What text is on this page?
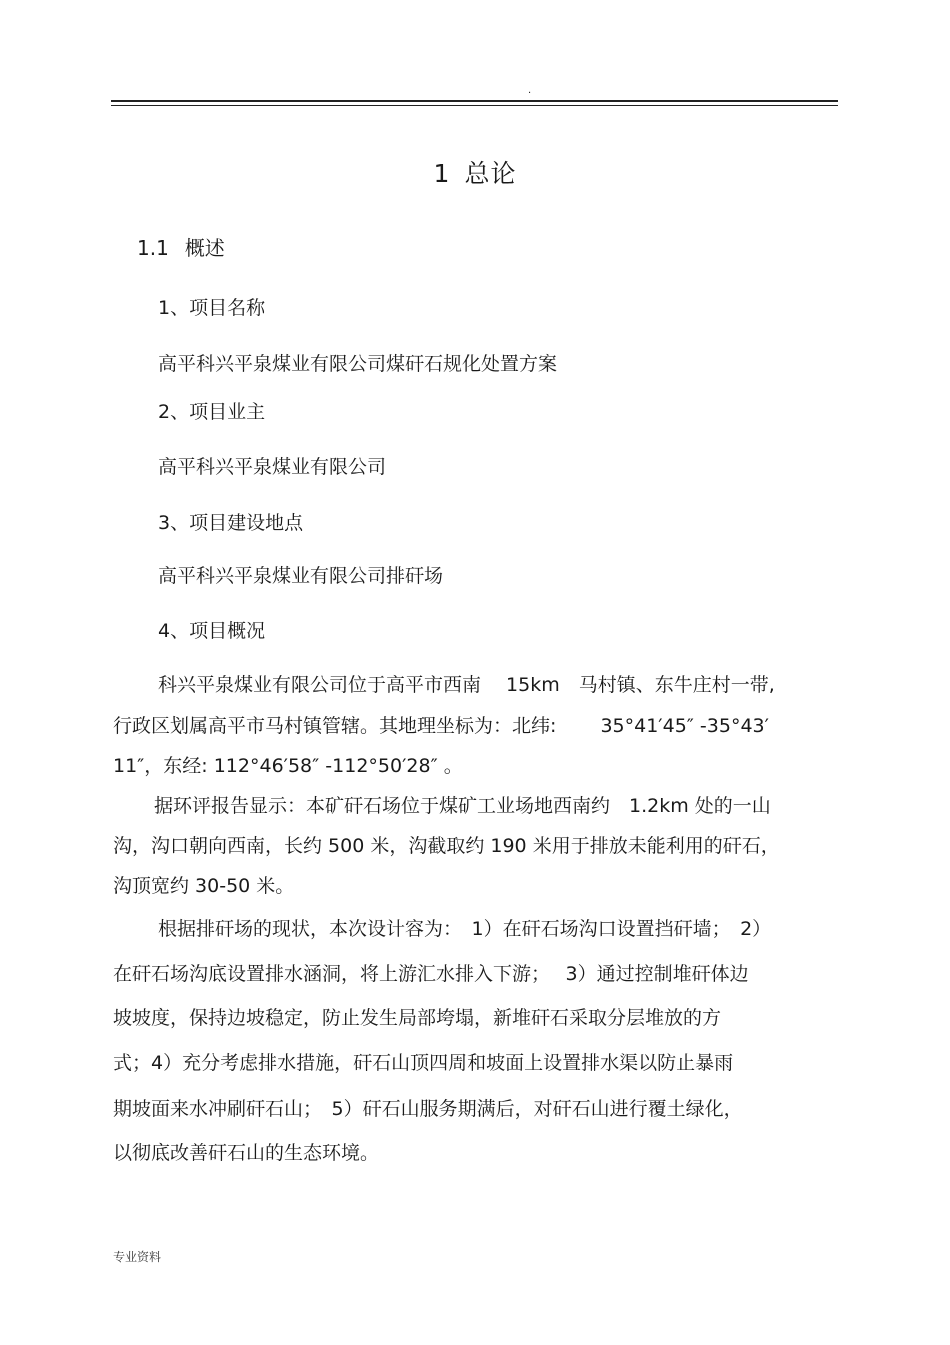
.
1 总论
1.1 概述
1、项目名称
高平科兴平泉煤业有限公司煤矸石规化处置方案
2、项目业主
高平科兴平泉煤业有限公司
3、项目建设地点
高平科兴平泉煤业有限公司排矸场
4、项目概况
科兴平泉煤业有限公司位于高平市西南　 15km　马村镇、东牛庄村一带,
行政区划属高平市马村镇管辖。其地理坐标为：北纬:　　 35°41′45″ -35°43′
11″，东经: 112°46′58″ -112°50′28″ 。
据环评报告显示：本矿矸石场位于煤矿工业场地西南约　1.2km 处的一山
沟，沟口朝向西南，长约 500 米，沟截取约 190 米用于排放未能利用的矸石，
沟顶宽约 30-50 米。
根据排矸场的现状，本次设计容为：　1）在矸石场沟口设置挡矸墙；　2）
在矸石场沟底设置排水涵洞，将上游汇水排入下游；　 3）通过控制堆矸体边
坡坡度，保持边坡稳定，防止发生局部垮塌，新堆矸石采取分层堆放的方
式；4）充分考虑排水措施，矸石山顶四周和坡面上设置排水渠以防止暴雨
期坡面来水冲刷矸石山；　5）矸石山服务期满后，对矸石山进行覆土绿化，
以彻底改善矸石山的生态环境。
专业资料
